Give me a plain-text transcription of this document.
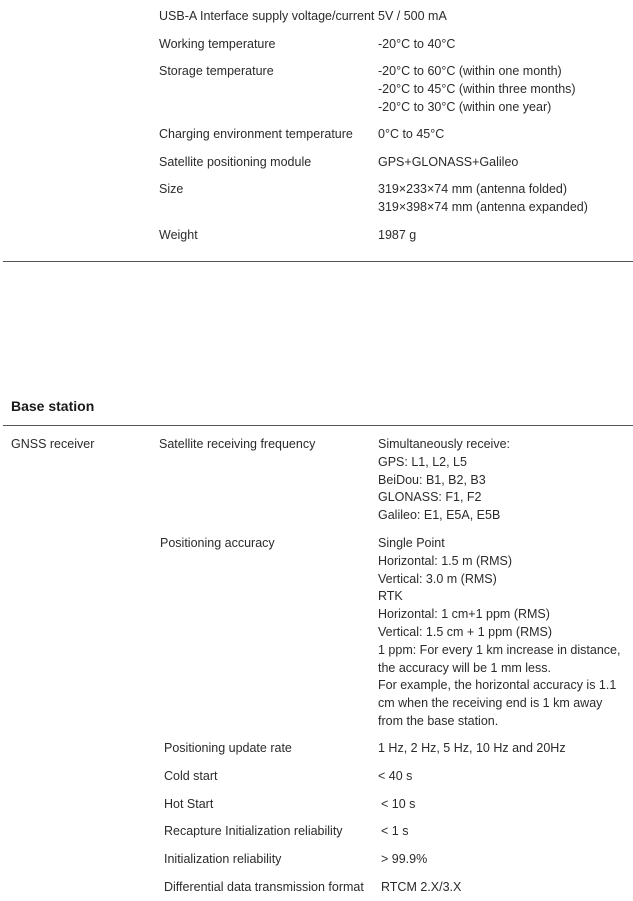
USB-A Interface supply voltage/current 5V / 500 mA
Working temperature	-20°C to 40°C
Storage temperature	-20°C to 60°C (within one month)
-20°C to 45°C (within three months)
-20°C to 30°C (within one year)
Charging environment temperature 0°C to 45°C
Satellite positioning module	GPS+GLONASS+Galileo
Size	319×233×74 mm (antenna folded)
319×398×74 mm (antenna expanded)
Weight	1987 g
Base station
GNSS receiver	Satellite receiving frequency	Simultaneously receive:
GPS: L1, L2, L5
BeiDou: B1, B2, B3
GLONASS: F1, F2
Galileo: E1, E5A, E5B
Positioning accuracy	Single Point
Horizontal: 1.5 m (RMS)
Vertical: 3.0 m (RMS)
RTK
Horizontal: 1 cm+1 ppm (RMS)
Vertical: 1.5 cm + 1 ppm (RMS)
1 ppm: For every 1 km increase in distance,
the accuracy will be 1 mm less.
For example, the horizontal accuracy is 1.1
cm when the receiving end is 1 km away
from the base station.
Positioning update rate	1 Hz, 2 Hz, 5 Hz, 10 Hz and 20Hz
Cold start	< 40 s
Hot Start	< 10 s
Recapture Initialization reliability	< 1 s
Initialization reliability	> 99.9%
Differential data transmission format RTCM 2.X/3.X
